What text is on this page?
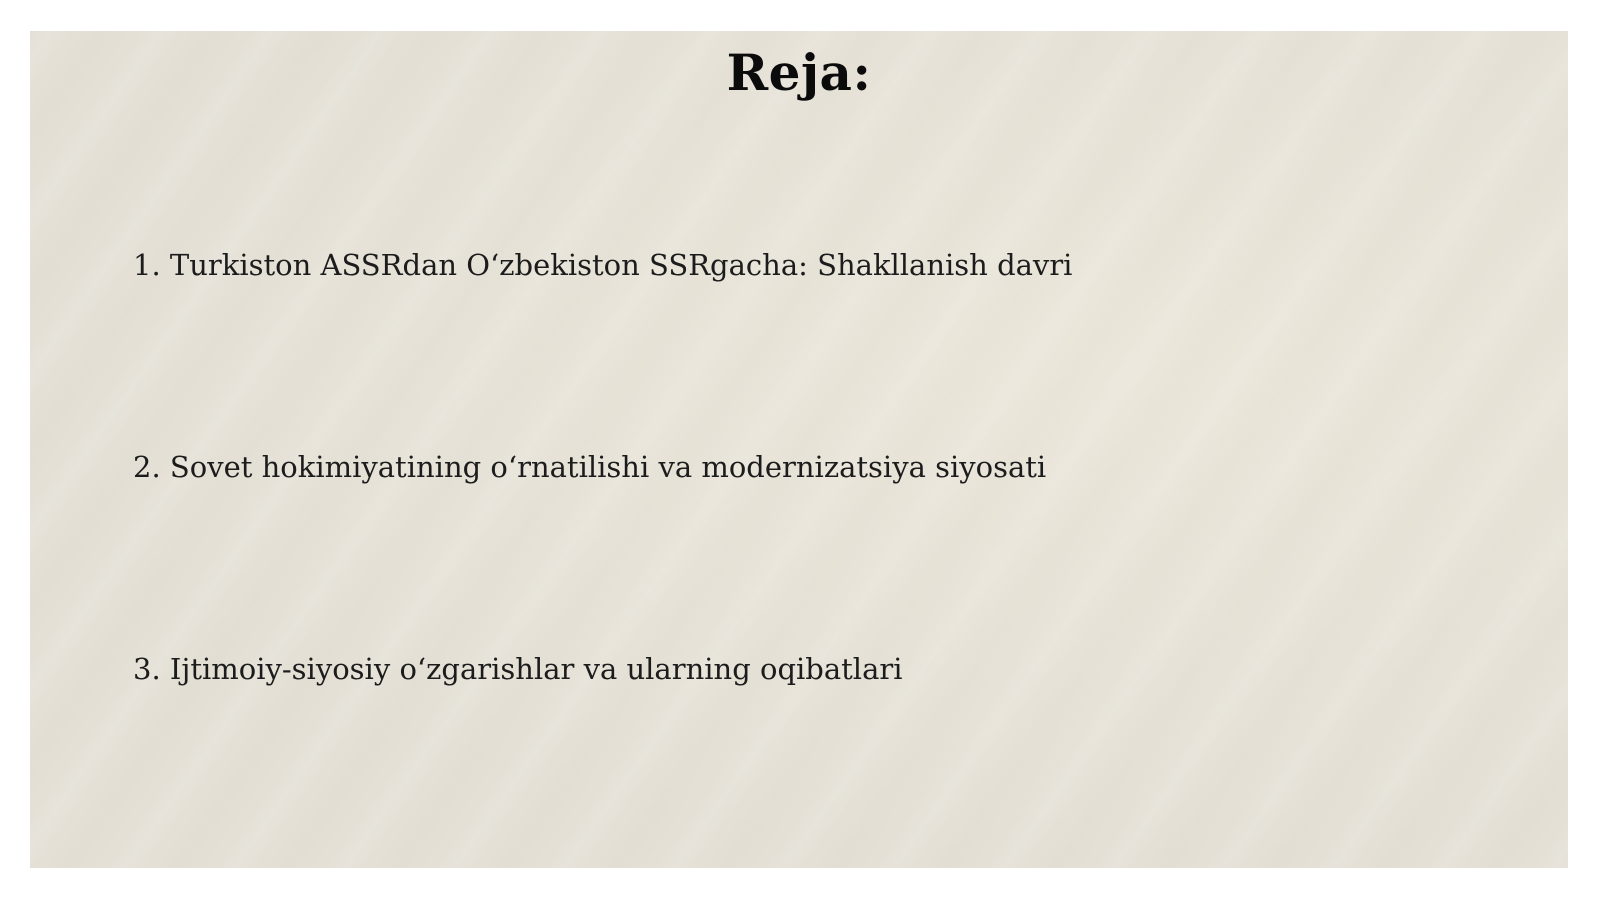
Reja:
1. Turkiston ASSRdan O‘zbekiston SSRgacha: Shakllanish davri
2. Sovet hokimiyatining o‘rnatilishi va modernizatsiya siyosati
3. Ijtimoiy-siyosiy o‘zgarishlar va ularning oqibatlari
